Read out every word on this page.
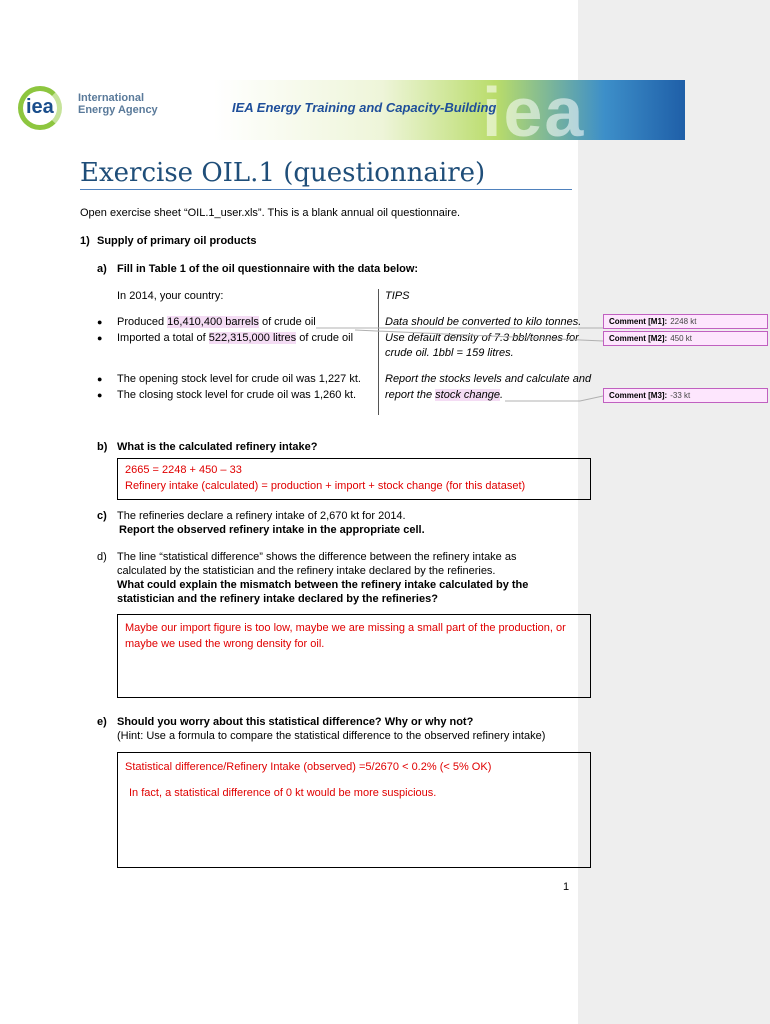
iea
iea International
Energy Agency	IEA Energy Training and Capacity-Building
Exercise OIL.1 (questionnaire)
Open exercise sheet “OIL.1_user.xls”. This is a blank annual oil questionnaire.
1) Supply of primary oil products
a) Fill in Table 1 of the oil questionnaire with the data below:
In 2014, your country:	TIPS
● Produced 16,410,400 barrels of crude oil
● Imported a total of 522,315,000 litres of crude oil
Data should be converted to kilo tonnes.
Use default density of 7.3 bbl/tonnes for
crude oil. 1bbl = 159 litres.
● The opening stock level for crude oil was 1,227 kt.
● The closing stock level for crude oil was 1,260 kt.
Report the stocks levels and calculate and
report the stock change.
Comment [M1]: 2248 kt
Comment [M2]: 450 kt
Comment [M3]: -33 kt
b) What is the calculated refinery intake?
2665 = 2248 + 450 – 33
Refinery intake (calculated) = production + import + stock change (for this dataset)
c) The refineries declare a refinery intake of 2,670 kt for 2014.
Report the observed refinery intake in the appropriate cell.
d) The line “statistical difference” shows the difference between the refinery intake as
calculated by the statistician and the refinery intake declared by the refineries.
What could explain the mismatch between the refinery intake calculated by the
statistician and the refinery intake declared by the refineries?
Maybe our import figure is too low, maybe we are missing a small part of the production, or
maybe we used the wrong density for oil.
e) Should you worry about this statistical difference? Why or why not?
(Hint: Use a formula to compare the statistical difference to the observed refinery intake)
Statistical difference/Refinery Intake (observed) =5/2670 < 0.2% (< 5% OK)
In fact, a statistical difference of 0 kt would be more suspicious.
1
